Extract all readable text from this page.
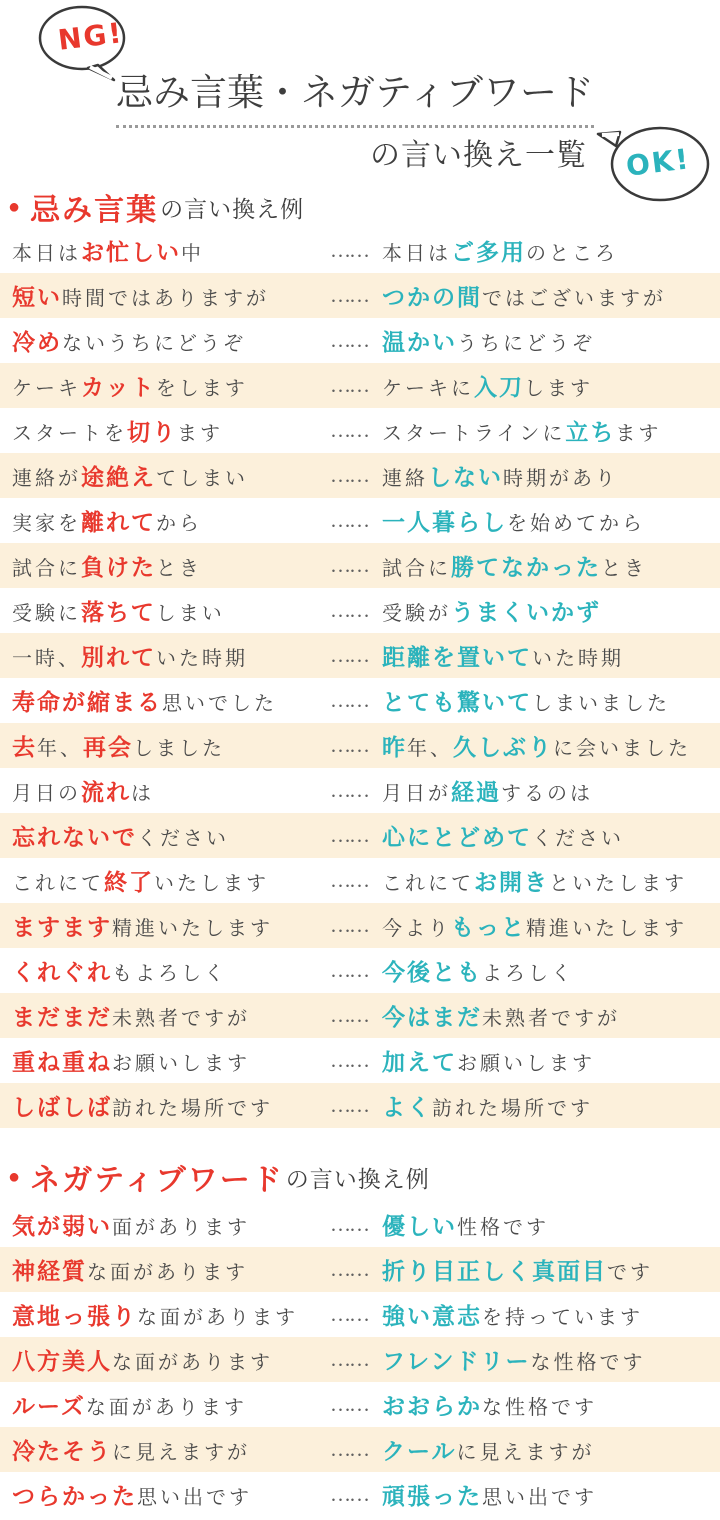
NG!
忌み言葉・ネガティブワード
の言い換え一覧 OK!
● 忌み言葉 の言い換え例
本日はお忙しい中	…… 本日はご多用のところ
短い時間ではありますが	…… つかの間ではございますが
冷めないうちにどうぞ	…… 温かいうちにどうぞ
ケーキカットをします	…… ケーキに入刀します
スタートを切ります	…… スタートラインに立ちます
連絡が途絶えてしまい	…… 連絡しない時期があり
実家を離れてから	…… 一人暮らしを始めてから
試合に負けたとき	…… 試合に勝てなかったとき
受験に落ちてしまい	…… 受験がうまくいかず
一時、別れていた時期	…… 距離を置いていた時期
寿命が縮まる思いでした	…… とても驚いてしまいました
去年、再会しました	…… 昨年、久しぶりに会いました
月日の流れは	…… 月日が経過するのは
忘れないでください	…… 心にとどめてください
これにて終了いたします	…… これにてお開きといたします
ますます精進いたします	…… 今よりもっと精進いたします
くれぐれもよろしく	…… 今後ともよろしく
まだまだ未熟者ですが	…… 今はまだ未熟者ですが
重ね重ねお願いします	…… 加えてお願いします
しばしば訪れた場所です	…… よく訪れた場所です
● ネガティブワード の言い換え例
気が弱い面があります	…… 優しい性格です
神経質な面があります	…… 折り目正しく真面目です
意地っ張りな面があります	…… 強い意志を持っています
八方美人な面があります	…… フレンドリーな性格です
ルーズな面があります	…… おおらかな性格です
冷たそうに見えますが	…… クールに見えますが
つらかった思い出です	…… 頑張った思い出です
